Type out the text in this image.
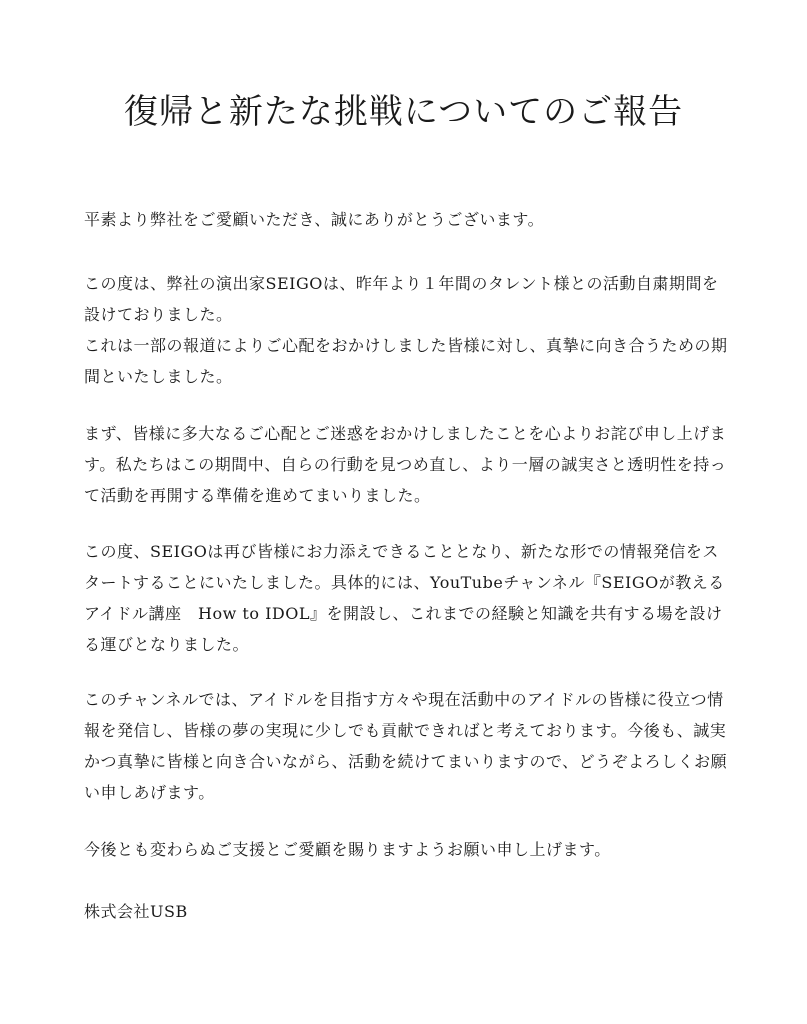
復帰と新たな挑戦についてのご報告

平素より弊社をご愛顧いただき、誠にありがとうございます。

この度は、弊社の演出家SEIGOは、昨年より１年間のタレント様との活動自粛期間を設けておりました。
これは一部の報道によりご心配をおかけしました皆様に対し、真摯に向き合うための期間といたしました。

まず、皆様に多大なるご心配とご迷惑をおかけしましたことを心よりお詫び申し上げます。私たちはこの期間中、自らの行動を見つめ直し、より一層の誠実さと透明性を持って活動を再開する準備を進めてまいりました。

この度、SEIGOは再び皆様にお力添えできることとなり、新たな形での情報発信をスタートすることにいたしました。具体的には、YouTubeチャンネル『SEIGOが教えるアイドル講座　How to IDOL』を開設し、これまでの経験と知識を共有する場を設ける運びとなりました。

このチャンネルでは、アイドルを目指す方々や現在活動中のアイドルの皆様に役立つ情報を発信し、皆様の夢の実現に少しでも貢献できればと考えております。今後も、誠実かつ真摯に皆様と向き合いながら、活動を続けてまいりますので、どうぞよろしくお願い申しあげます。

今後とも変わらぬご支援とご愛顧を賜りますようお願い申し上げます。

株式会社USB
